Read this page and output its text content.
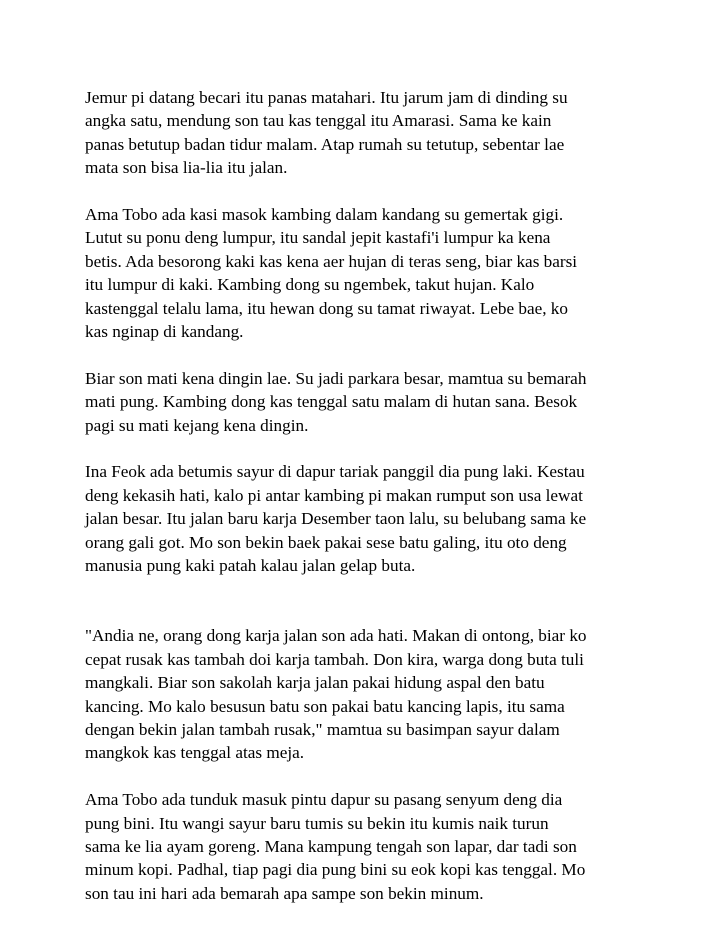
Jemur pi datang becari itu panas matahari. Itu jarum jam di dinding su
angka satu, mendung son tau kas tenggal itu Amarasi. Sama ke kain
panas betutup badan tidur malam. Atap rumah su tetutup, sebentar lae
mata son bisa lia-lia itu jalan.
Ama Tobo ada kasi masok kambing dalam kandang su gemertak gigi.
Lutut su ponu deng lumpur, itu sandal jepit kastafi'i lumpur ka kena
betis. Ada besorong kaki kas kena aer hujan di teras seng, biar kas barsi
itu lumpur di kaki. Kambing dong su ngembek, takut hujan. Kalo
kastenggal telalu lama, itu hewan dong su tamat riwayat. Lebe bae, ko
kas nginap di kandang.
Biar son mati kena dingin lae. Su jadi parkara besar, mamtua su bemarah
mati pung. Kambing dong kas tenggal satu malam di hutan sana. Besok
pagi su mati kejang kena dingin.
Ina Feok ada betumis sayur di dapur tariak panggil dia pung laki. Kestau
deng kekasih hati, kalo pi antar kambing pi makan rumput son usa lewat
jalan besar. Itu jalan baru karja Desember taon lalu, su belubang sama ke
orang gali got. Mo son bekin baek pakai sese batu galing, itu oto deng
manusia pung kaki patah kalau jalan gelap buta.
"Andia ne, orang dong karja jalan son ada hati. Makan di ontong, biar ko
cepat rusak kas tambah doi karja tambah. Don kira, warga dong buta tuli
mangkali. Biar son sakolah karja jalan pakai hidung aspal den batu
kancing. Mo kalo besusun batu son pakai batu kancing lapis, itu sama
dengan bekin jalan tambah rusak," mamtua su basimpan sayur dalam
mangkok kas tenggal atas meja.
Ama Tobo ada tunduk masuk pintu dapur su pasang senyum deng dia
pung bini. Itu wangi sayur baru tumis su bekin itu kumis naik turun
sama ke lia ayam goreng. Mana kampung tengah son lapar, dar tadi son
minum kopi. Padhal, tiap pagi dia pung bini su eok kopi kas tenggal. Mo
son tau ini hari ada bemarah apa sampe son bekin minum.
